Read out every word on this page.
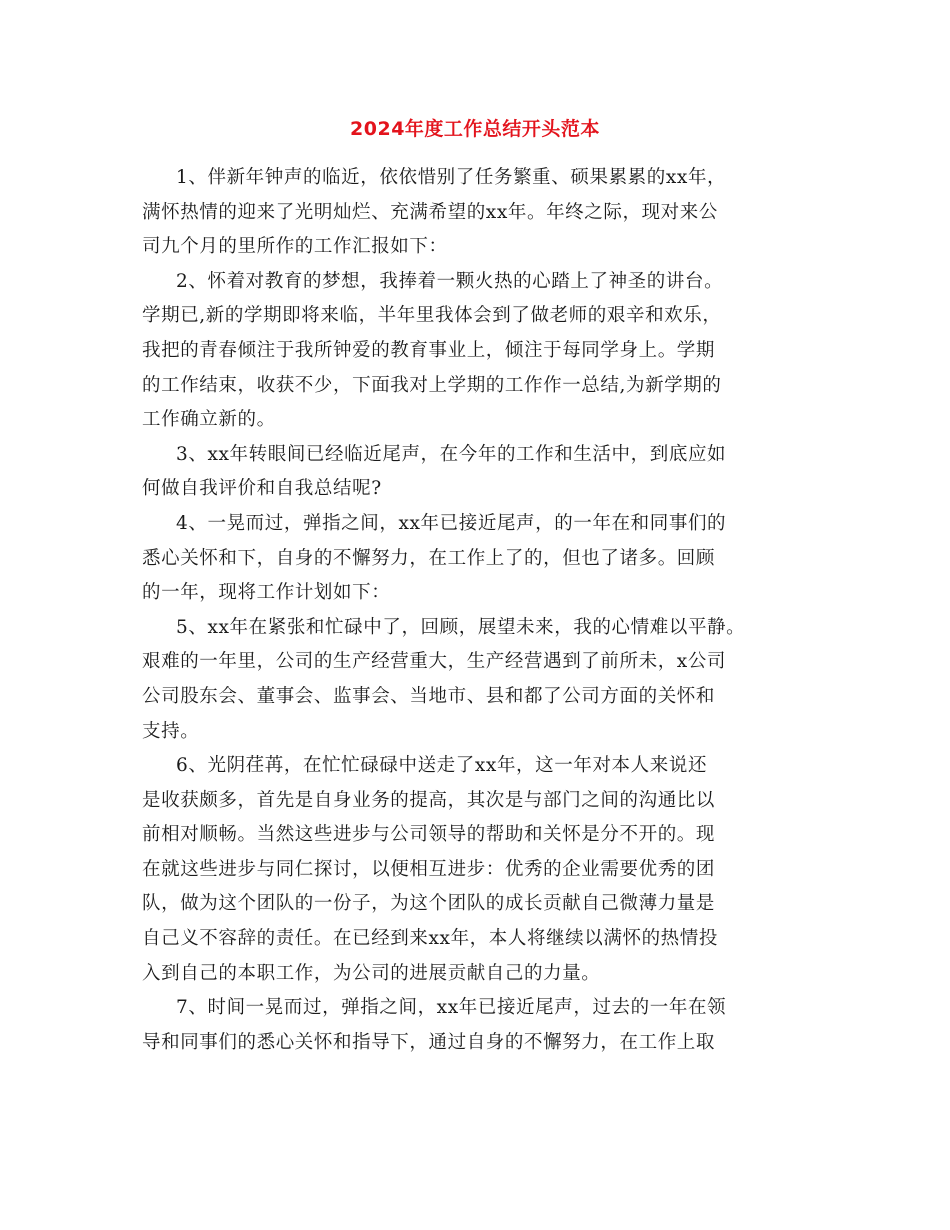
2024年度工作总结开头范本
1、伴新年钟声的临近，依依惜别了任务繁重、硕果累累的xx年，
满怀热情的迎来了光明灿烂、充满希望的xx年。年终之际，现对来公
司九个月的里所作的工作汇报如下：
2、怀着对教育的梦想，我捧着一颗火热的心踏上了神圣的讲台。
学期已,新的学期即将来临，半年里我体会到了做老师的艰辛和欢乐，
我把的青春倾注于我所钟爱的教育事业上，倾注于每同学身上。学期
的工作结束，收获不少，下面我对上学期的工作作一总结,为新学期的
工作确立新的。
3、xx年转眼间已经临近尾声，在今年的工作和生活中，到底应如
何做自我评价和自我总结呢?
4、一晃而过，弹指之间，xx年已接近尾声，的一年在和同事们的
悉心关怀和下，自身的不懈努力，在工作上了的，但也了诸多。回顾
的一年，现将工作计划如下：
5、xx年在紧张和忙碌中了，回顾，展望未来，我的心情难以平静。
艰难的一年里，公司的生产经营重大，生产经营遇到了前所未，x公司
公司股东会、董事会、监事会、当地市、县和都了公司方面的关怀和
支持。
6、光阴荏苒，在忙忙碌碌中送走了xx年，这一年对本人来说还
是收获颇多，首先是自身业务的提高，其次是与部门之间的沟通比以
前相对顺畅。当然这些进步与公司领导的帮助和关怀是分不开的。现
在就这些进步与同仁探讨，以便相互进步：优秀的企业需要优秀的团
队，做为这个团队的一份子，为这个团队的成长贡献自己微薄力量是
自己义不容辞的责任。在已经到来xx年，本人将继续以满怀的热情投
入到自己的本职工作，为公司的进展贡献自己的力量。
7、时间一晃而过，弹指之间，xx年已接近尾声，过去的一年在领
导和同事们的悉心关怀和指导下，通过自身的不懈努力，在工作上取
